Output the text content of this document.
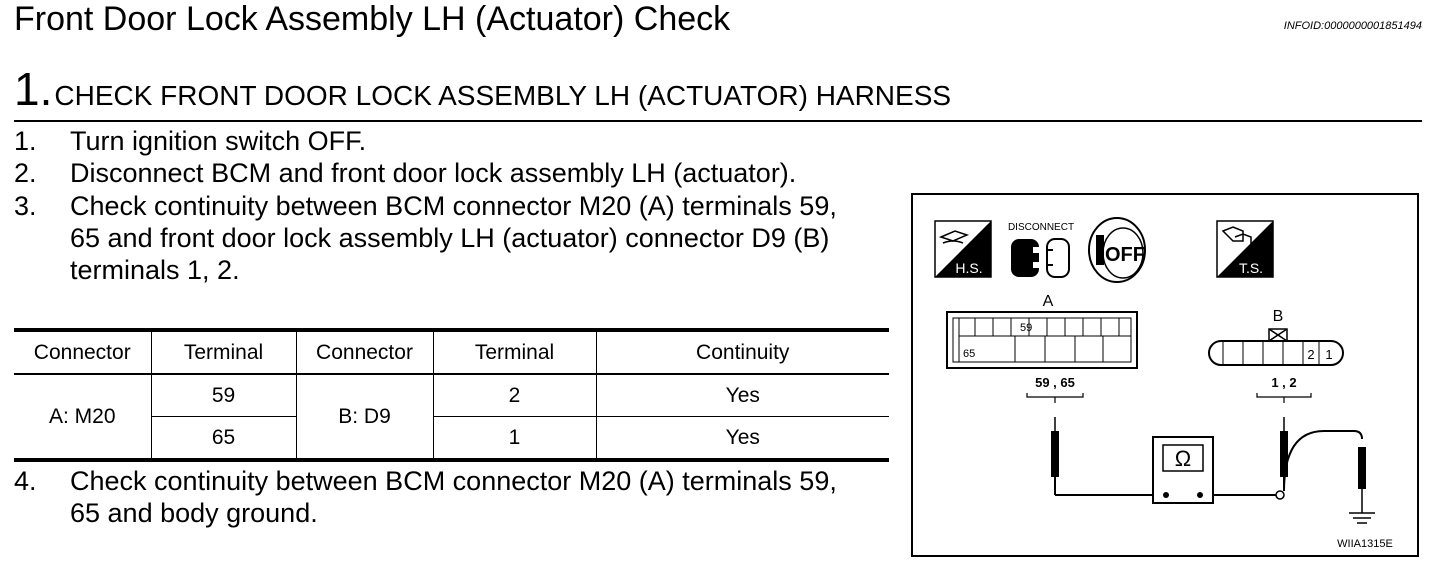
Front Door Lock Assembly LH (Actuator) Check	INFOID:0000000001851494
1.CHECK FRONT DOOR LOCK ASSEMBLY LH (ACTUATOR) HARNESS
1. Turn ignition switch OFF.
2. Disconnect BCM and front door lock assembly LH (actuator).
3. Check continuity between BCM connector M20 (A) terminals 59,
65 and front door lock assembly LH (actuator) connector D9 (B)
terminals 1, 2.
Connector	Terminal	Connector	Terminal	Continuity
A: M20	59	B: D9	2	Yes
	65		1	Yes
4. Check continuity between BCM connector M20 (A) terminals 59,
65 and body ground.
H.S.
DISCONNECT
OFF
T.S.
A
59
65
B
2 1
59 , 65	1 , 2
Ω
WIIA1315E
